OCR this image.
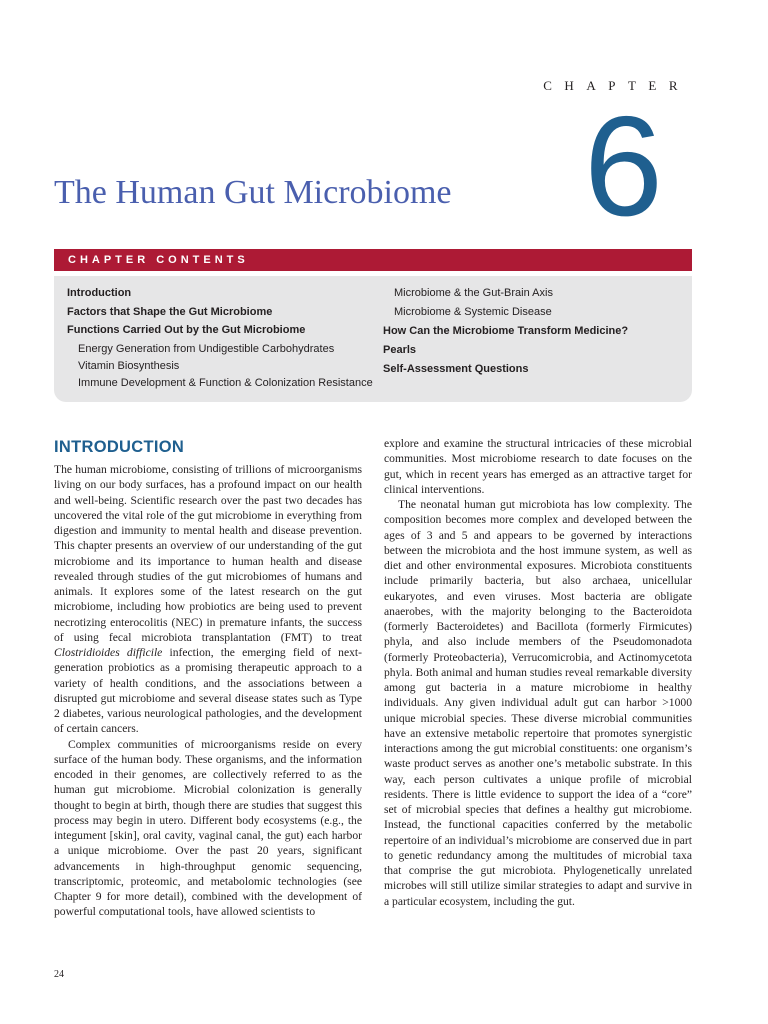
CHAPTER
6
The Human Gut Microbiome
CHAPTER CONTENTS
Introduction
Factors that Shape the Gut Microbiome
Functions Carried Out by the Gut Microbiome
Energy Generation from Undigestible Carbohydrates
Vitamin Biosynthesis
Immune Development & Function & Colonization Resistance
Microbiome & the Gut-Brain Axis
Microbiome & Systemic Disease
How Can the Microbiome Transform Medicine?
Pearls
Self-Assessment Questions
INTRODUCTION

The human microbiome, consisting of trillions of microorganisms living on our body surfaces, has a profound impact on our health and well-being. Scientific research over the past two decades has uncovered the vital role of the gut microbiome in everything from digestion and immunity to mental health and disease prevention. This chapter presents an overview of our understanding of the gut microbiome and its importance to human health and disease revealed through studies of the gut microbiomes of humans and animals. It explores some of the latest research on the gut microbiome, including how probiotics are being used to prevent necrotizing enterocolitis (NEC) in premature infants, the success of using fecal microbiota transplantation (FMT) to treat Clostridioides difficile infection, the emerging field of next-generation probiotics as a promising therapeutic approach to a variety of health conditions, and the associations between a disrupted gut microbiome and several disease states such as Type 2 diabetes, various neurological pathologies, and the development of certain cancers.

Complex communities of microorganisms reside on every surface of the human body. These organisms, and the information encoded in their genomes, are collectively referred to as the human gut microbiome. Microbial colonization is generally thought to begin at birth, though there are studies that suggest this process may begin in utero. Different body ecosystems (e.g., the integument [skin], oral cavity, vaginal canal, the gut) each harbor a unique microbiome. Over the past 20 years, significant advancements in high-throughput genomic sequencing, transcriptomic, proteomic, and metabolomic technologies (see Chapter 9 for more detail), combined with the development of powerful computational tools, have allowed scientists to

explore and examine the structural intricacies of these microbial communities. Most microbiome research to date focuses on the gut, which in recent years has emerged as an attractive target for clinical interventions.

The neonatal human gut microbiota has low complexity. The composition becomes more complex and developed between the ages of 3 and 5 and appears to be governed by interactions between the microbiota and the host immune system, as well as diet and other environmental exposures. Microbiota constituents include primarily bacteria, but also archaea, unicellular eukaryotes, and even viruses. Most bacteria are obligate anaerobes, with the majority belonging to the Bacteroidota (formerly Bacteroidetes) and Bacillota (formerly Firmicutes) phyla, and also include members of the Pseudomonadota (formerly Proteobacteria), Verrucomicrobia, and Actinomycetota phyla. Both animal and human studies reveal remarkable diversity among gut bacteria in a mature microbiome in healthy individuals. Any given individual adult gut can harbor >1000 unique microbial species. These diverse microbial communities have an extensive metabolic repertoire that promotes synergistic interactions among the gut microbial constituents: one organism’s waste product serves as another one’s metabolic substrate. In this way, each person cultivates a unique profile of microbial residents. There is little evidence to support the idea of a “core” set of microbial species that defines a healthy gut microbiome. Instead, the functional capacities conferred by the metabolic repertoire of an individual’s microbiome are conserved due in part to genetic redundancy among the multitudes of microbial taxa that comprise the gut microbiota. Phylogenetically unrelated microbes will still utilize similar strategies to adapt and survive in a particular ecosystem, including the gut.

24
